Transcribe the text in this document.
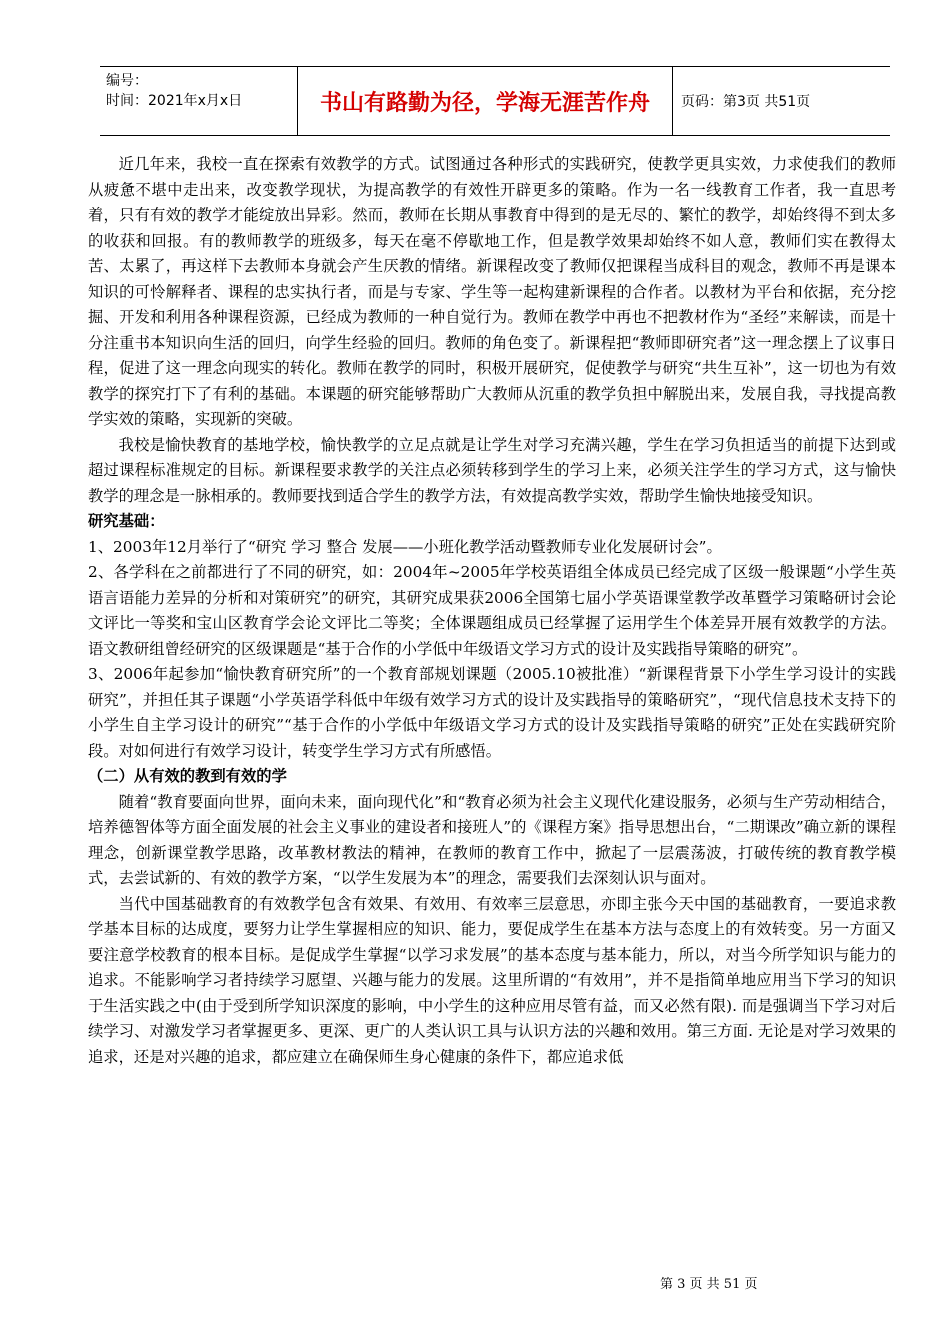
编号：
时间：2021年x月x日	书山有路勤为径，学海无涯苦作舟	页码：第3页 共51页

近几年来，我校一直在探索有效教学的方式。试图通过各种形式的实践研究，使教学更具实效，力求使我们的教师从疲惫不堪中走出来，改变教学现状，为提高教学的有效性开辟更多的策略。作为一名一线教育工作者，我一直思考着，只有有效的教学才能绽放出异彩。然而，教师在长期从事教育中得到的是无尽的、繁忙的教学，却始终得不到太多的收获和回报。有的教师教学的班级多，每天在毫不停歇地工作，但是教学效果却始终不如人意，教师们实在教得太苦、太累了，再这样下去教师本身就会产生厌教的情绪。新课程改变了教师仅把课程当成科目的观念，教师不再是课本知识的可怜解释者、课程的忠实执行者，而是与专家、学生等一起构建新课程的合作者。以教材为平台和依据，充分挖掘、开发和利用各种课程资源，已经成为教师的一种自觉行为。教师在教学中再也不把教材作为“圣经”来解读，而是十分注重书本知识向生活的回归，向学生经验的回归。教师的角色变了。新课程把“教师即研究者”这一理念摆上了议事日程，促进了这一理念向现实的转化。教师在教学的同时，积极开展研究，促使教学与研究“共生互补”，这一切也为有效教学的探究打下了有利的基础。本课题的研究能够帮助广大教师从沉重的教学负担中解脱出来，发展自我，寻找提高教学实效的策略，实现新的突破。

我校是愉快教育的基地学校，愉快教学的立足点就是让学生对学习充满兴趣，学生在学习负担适当的前提下达到或超过课程标准规定的目标。新课程要求教学的关注点必须转移到学生的学习上来，必须关注学生的学习方式，这与愉快教学的理念是一脉相承的。教师要找到适合学生的教学方法，有效提高教学实效，帮助学生愉快地接受知识。

研究基础：

1、2003年12月举行了“研究 学习 整合 发展——小班化教学活动暨教师专业化发展研讨会”。

2、各学科在之前都进行了不同的研究，如：2004年~2005年学校英语组全体成员已经完成了区级一般课题“小学生英语言语能力差异的分析和对策研究”的研究，其研究成果获2006全国第七届小学英语课堂教学改革暨学习策略研讨会论文评比一等奖和宝山区教育学会论文评比二等奖；全体课题组成员已经掌握了运用学生个体差异开展有效教学的方法。语文教研组曾经研究的区级课题是“基于合作的小学低中年级语文学习方式的设计及实践指导策略的研究”。

3、2006年起参加“愉快教育研究所”的一个教育部规划课题（2005.10被批准）“新课程背景下小学生学习设计的实践研究”，并担任其子课题“小学英语学科低中年级有效学习方式的设计及实践指导的策略研究”，“现代信息技术支持下的小学生自主学习设计的研究”“基于合作的小学低中年级语文学习方式的设计及实践指导策略的研究”正处在实践研究阶段。对如何进行有效学习设计，转变学生学习方式有所感悟。

（二）从有效的教到有效的学

随着“教育要面向世界，面向未来，面向现代化”和“教育必须为社会主义现代化建设服务，必须与生产劳动相结合，培养德智体等方面全面发展的社会主义事业的建设者和接班人”的《课程方案》指导思想出台，“二期课改”确立新的课程理念，创新课堂教学思路，改革教材教法的精神，在教师的教育工作中，掀起了一层震荡波，打破传统的教育教学模式，去尝试新的、有效的教学方案，“以学生发展为本”的理念，需要我们去深刻认识与面对。

当代中国基础教育的有效教学包含有效果、有效用、有效率三层意思，亦即主张今天中国的基础教育，一要追求教学基本目标的达成度，要努力让学生掌握相应的知识、能力，要促成学生在基本方法与态度上的有效转变。另一方面又要注意学校教育的根本目标。是促成学生掌握“以学习求发展”的基本态度与基本能力，所以，对当今所学知识与能力的追求。不能影响学习者持续学习愿望、兴趣与能力的发展。这里所谓的“有效用”，并不是指简单地应用当下学习的知识于生活实践之中(由于受到所学知识深度的影响，中小学生的这种应用尽管有益，而又必然有限). 而是强调当下学习对后续学习、对激发学习者掌握更多、更深、更广的人类认识工具与认识方法的兴趣和效用。第三方面. 无论是对学习效果的追求，还是对兴趣的追求，都应建立在确保师生身心健康的条件下，都应追求低

第 3 页 共 51 页
